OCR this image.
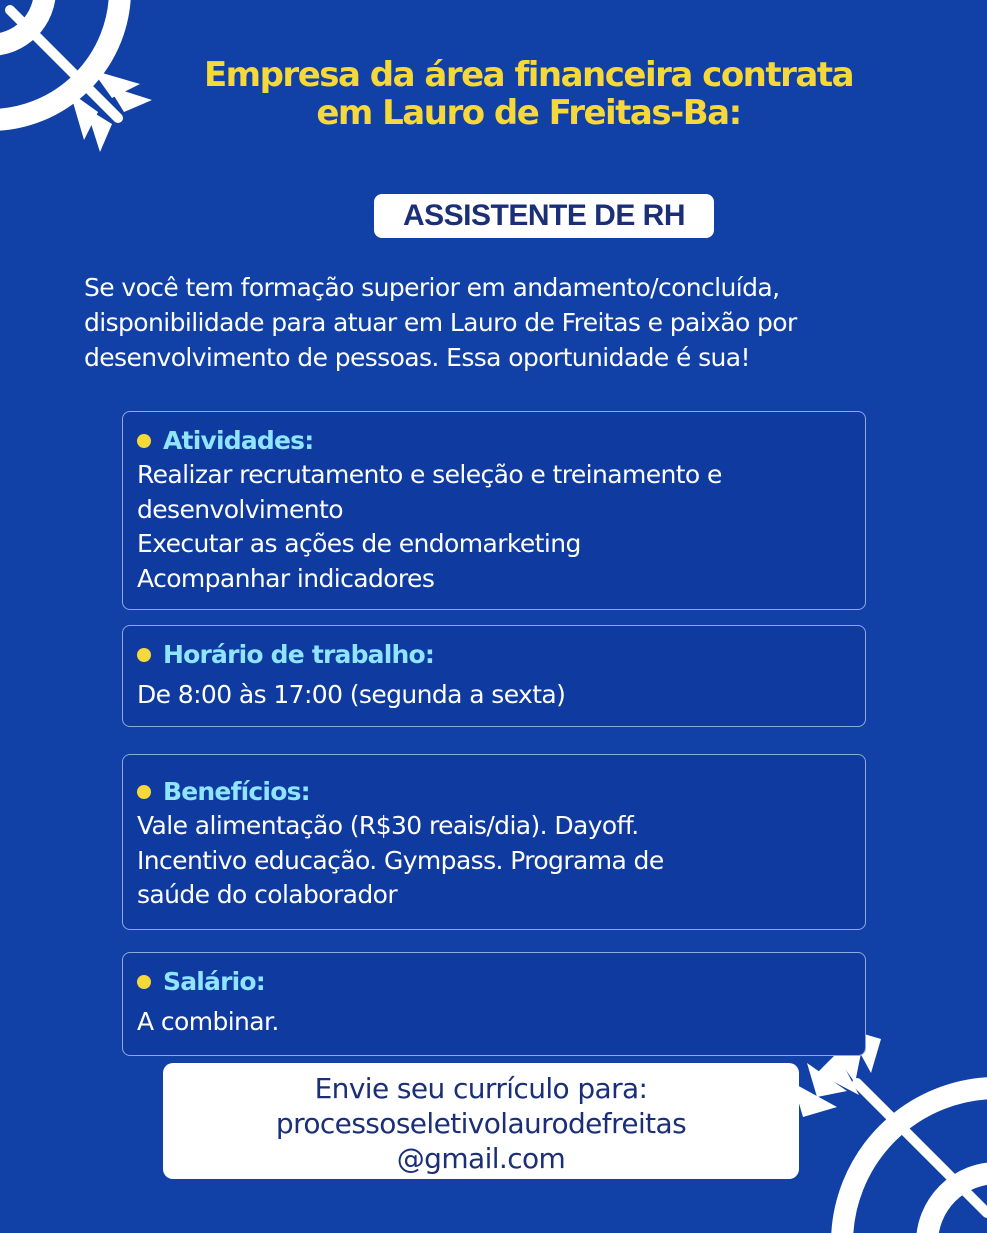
Empresa da área financeira contrata
em Lauro de Freitas-Ba:
ASSISTENTE DE RH
Se você tem formação superior em andamento/concluída,
disponibilidade para atuar em Lauro de Freitas e paixão por
desenvolvimento de pessoas. Essa oportunidade é sua!
Atividades:
Realizar recrutamento e seleção e treinamento e
desenvolvimento
Executar as ações de endomarketing
Acompanhar indicadores
Horário de trabalho:
De 8:00 às 17:00 (segunda a sexta)
Benefícios:
Vale alimentação (R$30 reais/dia). Dayoff.
Incentivo educação. Gympass. Programa de
saúde do colaborador
Salário:
A combinar.
Envie seu currículo para:
processoseletivolaurodefreitas
@gmail.com
